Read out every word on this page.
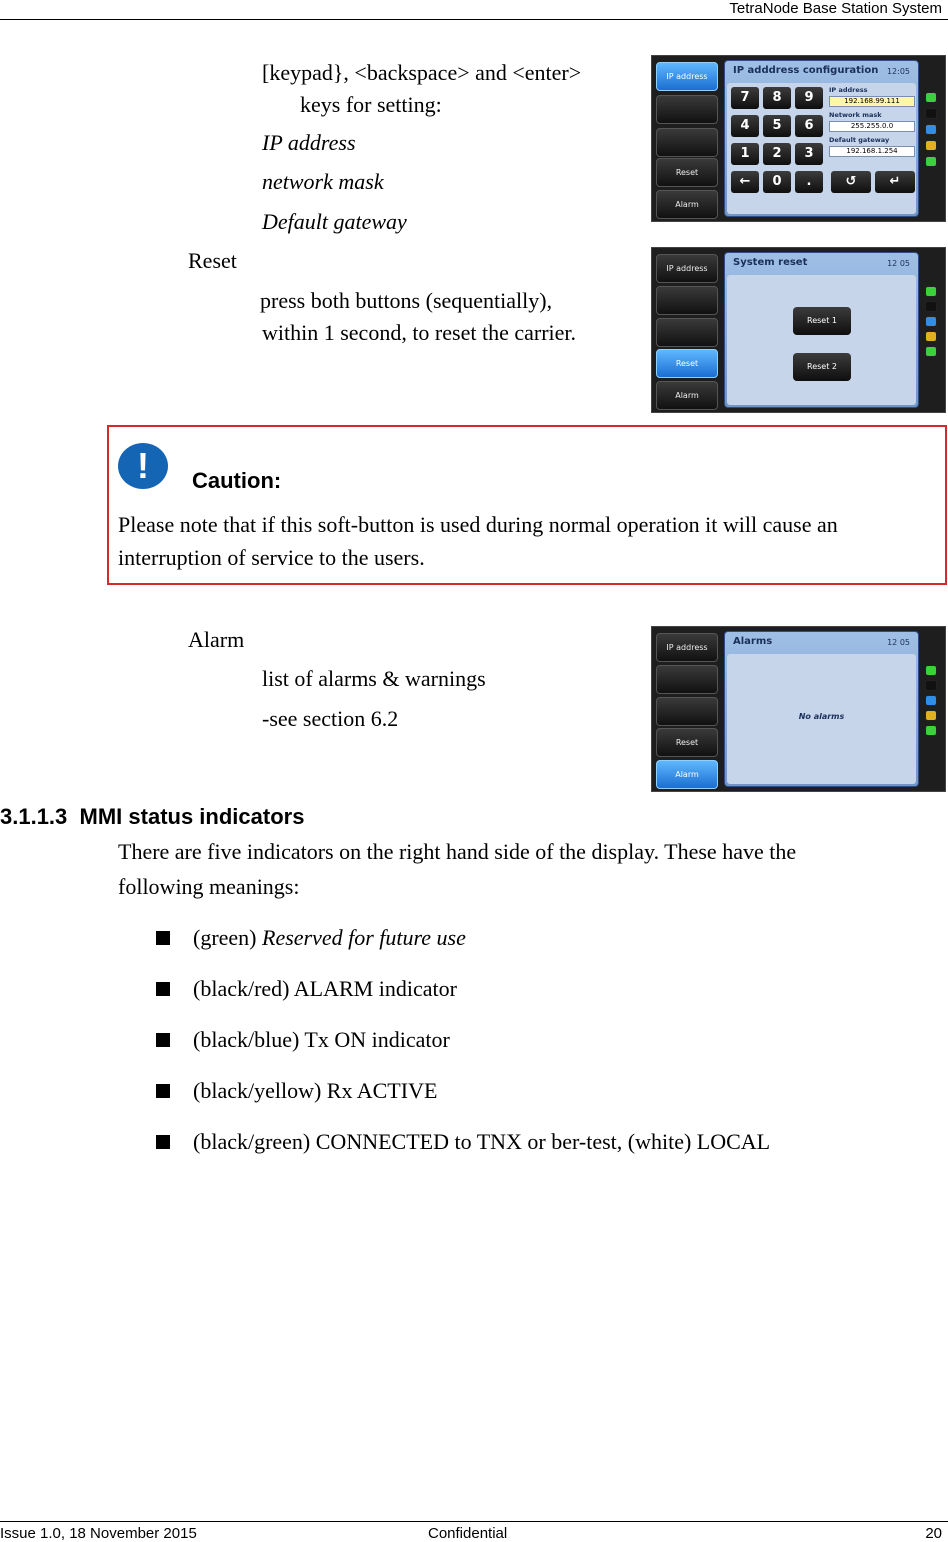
TetraNode Base Station System
Issue 1.0, 18 November 2015	Confidential	20
[keypad}, <backspace> and <enter>
keys for setting:
IP address
network mask
Default gateway
IP address
Reset
Alarm
IP adddress configuration 12:05
7	8	9
4	5	6
1	2	3
←	0	.
IP address
192.168.99.111
Network mask
255.255.0.0
Default gateway
192.168.1.254
↺	↵
Reset
press both buttons (sequentially),
within 1 second, to reset the carrier.
IP address
Reset
Alarm
System reset	12 05
Reset 1
Reset 2
!	Caution:
Please note that if this soft-button is used during normal operation it will cause an
interruption of service to the users.
Alarm
list of alarms & warnings
-see section 6.2
IP address
Reset
Alarm
Alarms	12 05
No alarms
3.1.1.3 MMI status indicators
There are five indicators on the right hand side of the display. These have the
following meanings:
(green) Reserved for future use
(black/red) ALARM indicator
(black/blue) Tx ON indicator
(black/yellow) Rx ACTIVE
(black/green) CONNECTED to TNX or ber-test, (white) LOCAL
